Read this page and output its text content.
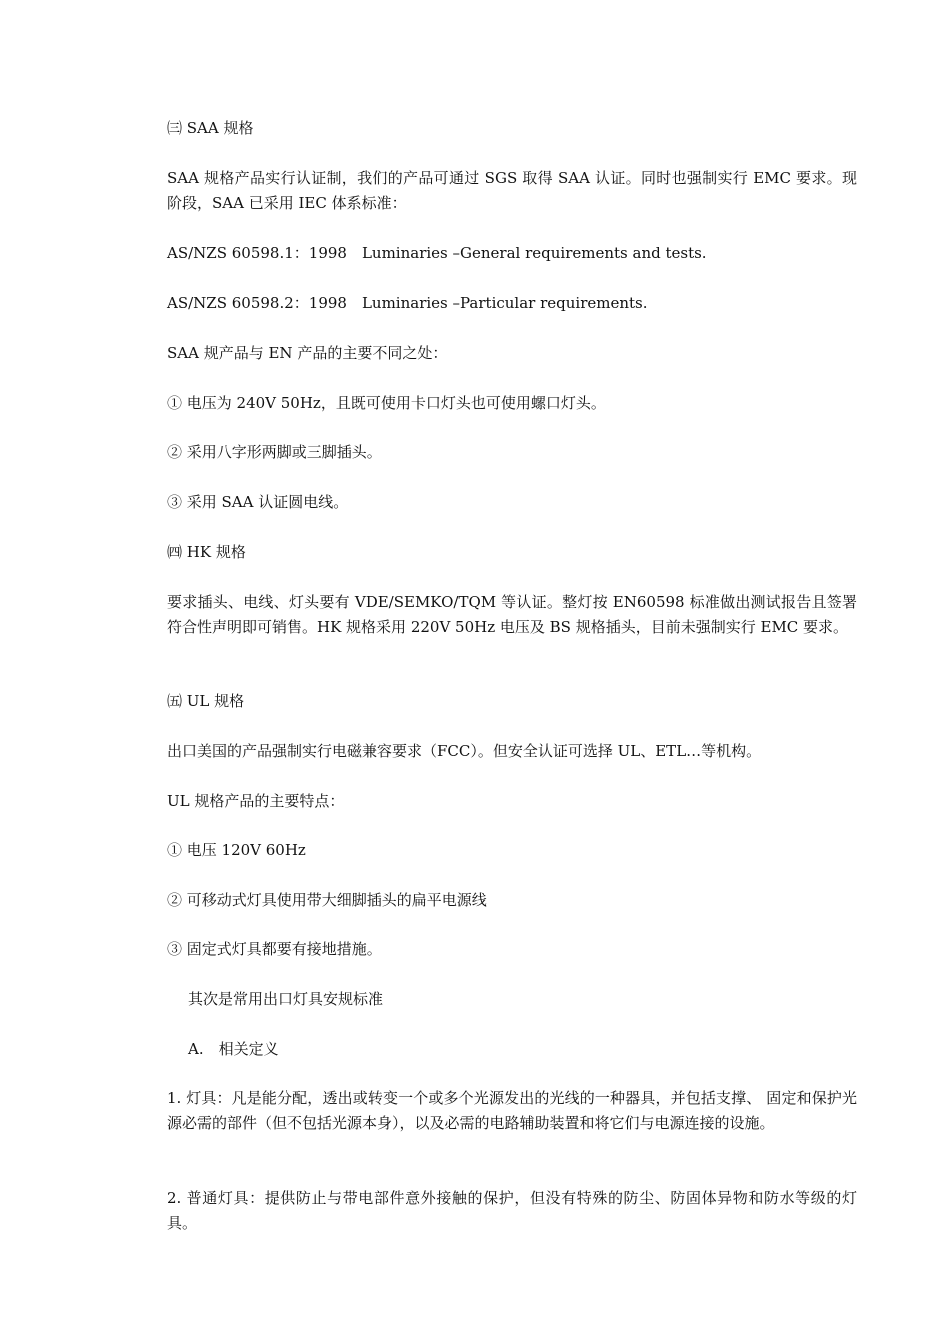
㈢ SAA 规格

SAA 规格产品实行认证制，我们的产品可通过 SGS 取得 SAA 认证。同时也强制实行 EMC 要求。现阶段，SAA 已采用 IEC 体系标准：

AS/NZS 60598.1：1998　Luminaries –General requirements and tests.

AS/NZS 60598.2：1998　Luminaries –Particular requirements.

SAA 规产品与 EN 产品的主要不同之处：

① 电压为 240V 50Hz，且既可使用卡口灯头也可使用螺口灯头。

② 采用八字形两脚或三脚插头。

③ 采用 SAA 认证圆电线。

㈣ HK 规格

要求插头、电线、灯头要有 VDE/SEMKO/TQM 等认证。整灯按 EN60598 标准做出测试报告且签署符合性声明即可销售。HK 规格采用 220V 50Hz 电压及 BS 规格插头，目前未强制实行 EMC 要求。

㈤ UL 规格

出口美国的产品强制实行电磁兼容要求（FCC）。但安全认证可选择 UL、ETL…等机构。

UL 规格产品的主要特点：

① 电压 120V 60Hz

② 可移动式灯具使用带大细脚插头的扁平电源线

③ 固定式灯具都要有接地措施。

其次是常用出口灯具安规标准

A.　相关定义

1. 灯具：凡是能分配，透出或转变一个或多个光源发出的光线的一种器具，并包括支撑、 固定和保护光源必需的部件（但不包括光源本身），以及必需的电路辅助装置和将它们与电源连接的设施。

2. 普通灯具：提供防止与带电部件意外接触的保护，但没有特殊的防尘、防固体异物和防水等级的灯具。
